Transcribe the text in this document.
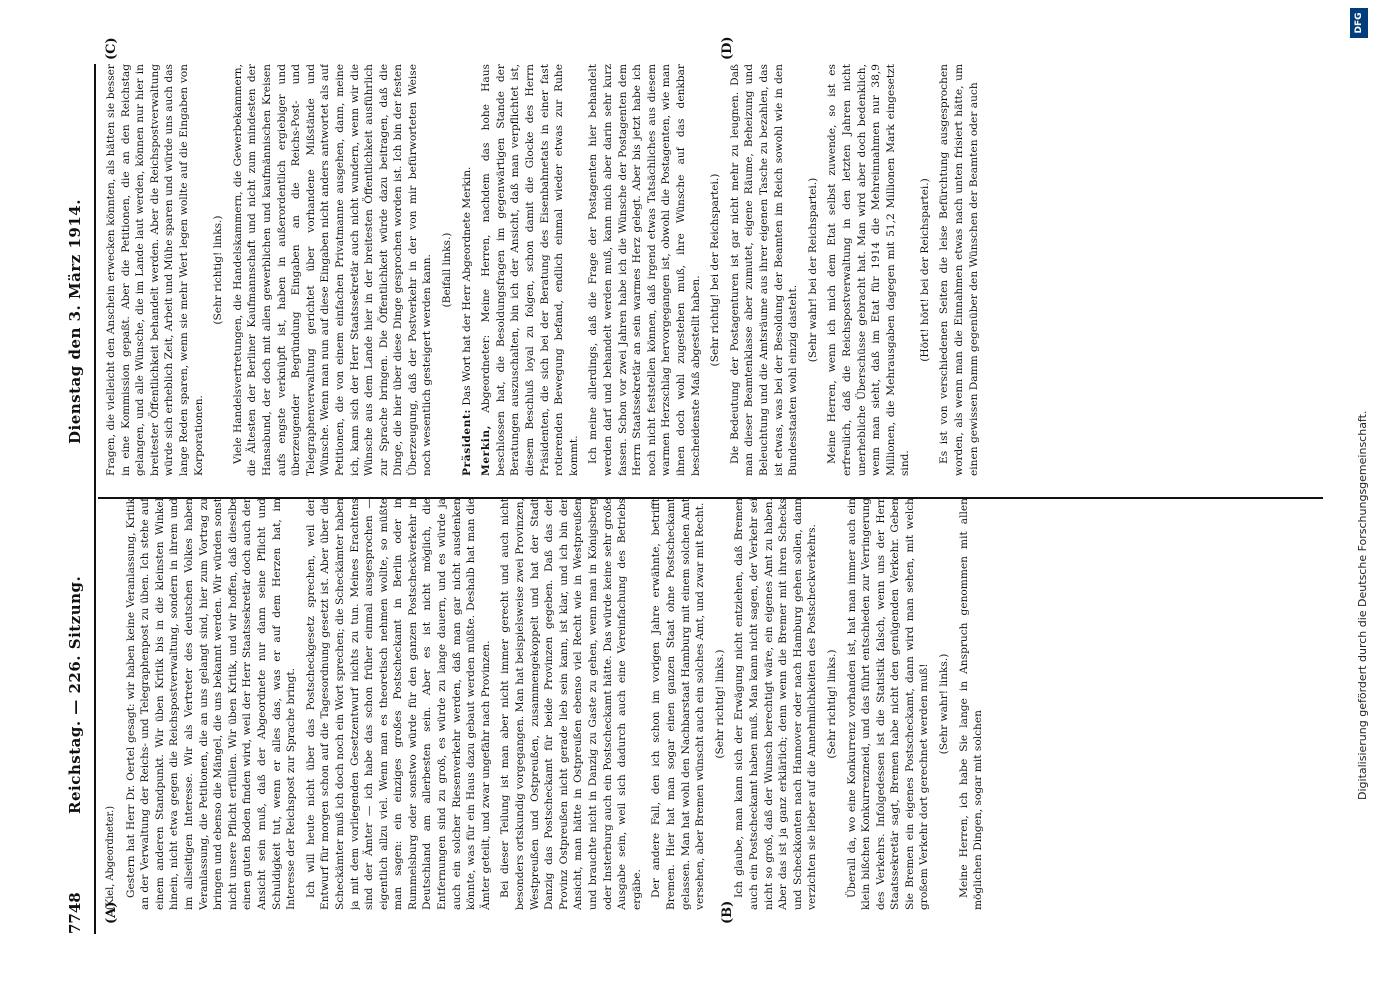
7748
Reichstag. — 226. Sitzung.
Dienstag den 3. März 1914.
(A)	(B)
(C)	(D)

(Kiel, Abgeordneter.) Gestern hat Herr Dr. Oertel gesagt: wir haben keine Veranlassung, Kritik an der Verwaltung der Reichs- und Telegraphenpost zu üben. Ich stehe auf einem anderen Standpunkt. Wir üben Kritik bis in die kleinsten Winkel hinein, nicht etwa gegen die Reichspostverwaltung, sondern in ihrem und im allseitigen Interesse. Wir als Vertreter des deutschen Volkes haben Veranlassung, die Petitionen, die an uns gelangt sind, hier zum Vortrag zu bringen und ebenso die Mängel, die uns bekannt werden. Wir würden sonst nicht unsere Pflicht erfüllen. Wir üben Kritik, und wir hoffen, daß dieselbe einen guten Boden finden wird, weil der Herr Staatssekretär doch auch der Ansicht sein muß, daß der Abgeordnete nur dann seine Pflicht und Schuldigkeit tut, wenn er alles das, was er auf dem Herzen hat, im Interesse der Reichspost zur Sprache bringt. Ich will heute nicht über das Postscheckgesetz sprechen, weil der Entwurf für morgen schon auf die Tagesordnung gesetzt ist. Aber über die Scheckämter muß ich doch noch ein Wort sprechen; die Scheckämter haben ja mit dem vorliegenden Gesetzentwurf nichts zu tun. Meines Erachtens sind der Ämter — ich habe das schon früher einmal ausgesprochen — eigentlich allzu viel. Wenn man es theoretisch nehmen wollte, so müßte man sagen: ein einziges großes Postscheckamt in Berlin oder in Rummelsburg oder sonstwo würde für den ganzen Postscheckverkehr in Deutschland am allerbesten sein. Aber es ist nicht möglich, die Entfernungen sind zu groß, es würde zu lange dauern, und es würde ja auch ein solcher Riesenverkehr werden, daß man gar nicht ausdenken könnte, was für ein Haus dazu gebaut werden müßte. Deshalb hat man die Ämter geteilt, und zwar ungefähr nach Provinzen. Bei dieser Teilung ist man aber nicht immer gerecht und auch nicht besonders ortskundig vorgegangen. Man hat beispielsweise zwei Provinzen, Westpreußen und Ostpreußen, zusammengekoppelt und hat der Stadt Danzig das Postscheckamt für beide Provinzen gegeben. Daß das der Provinz Ostpreußen nicht gerade lieb sein kann, ist klar, und ich bin der Ansicht, man hätte in Ostpreußen ebenso viel Recht wie in Westpreußen und brauchte nicht in Danzig zu Gaste zu gehen, wenn man in Königsberg oder Insterburg auch ein Postscheckamt hätte. Das würde keine sehr große Ausgabe sein, weil sich dadurch auch eine Vereinfachung des Betriebs ergäbe. Der andere Fall, den ich schon im vorigen Jahre erwähnte, betrifft Bremen. Hier hat man sogar einen ganzen Staat ohne Postscheckamt gelassen. Man hat wohl den Nachbarstaat Hamburg mit einem solchen Amt versehen, aber Bremen wünscht auch ein solches Amt, und zwar mit Recht. (Sehr richtig! links.) Ich glaube, man kann sich der Erwägung nicht entziehen, daß Bremen auch ein Postscheckamt haben muß. Man kann nicht sagen, der Verkehr sei nicht so groß, daß der Wunsch berechtigt wäre, ein eigenes Amt zu haben. Aber das ist ja ganz erklärlich; denn wenn die Bremer mit ihren Schecks und Scheckkonten nach Hannover oder nach Hamburg gehen sollen, dann verzichten sie lieber auf die Annehmlichkeiten des Postscheckverkehrs. (Sehr richtig! links.) Überall da, wo eine Konkurrenz vorhanden ist, hat man immer auch ein klein bißchen Konkurrenzneid, und das führt entschieden zur Verringerung des Verkehrs. Infolgedessen ist die Statistik falsch, wenn uns der Herr Staatssekretär sagt, Bremen habe nicht den genügenden Verkehr. Geben Sie Bremen ein eigenes Postscheckamt, dann wird man sehen, mit welch großem Verkehr dort gerechnet werden muß! (Sehr wahr! links.) Meine Herren, ich habe Sie lange in Anspruch genommen mit allen möglichen Dingen, sogar mit solchen

Fragen, die vielleicht den Anschein erwecken könnten, als hätten sie besser in eine Kommission gepaßt. Aber die Petitionen, die an den Reichstag gelangen, und alle Wünsche, die im Lande laut werden, können nur hier in breitester Öffentlichkeit behandelt werden. Aber die Reichspostverwaltung würde sich erheblich Zeit, Arbeit und Mühe sparen und würde uns auch das lange Reden sparen, wenn sie mehr Wert legen wollte auf die Eingaben von Korporationen.

(Sehr richtig! links.) Viele Handelsvertretungen, die Handelskammern, die Gewerbekammern, die Ältesten der Berliner Kaufmannschaft und nicht zum mindesten der Hansabund, der doch mit allen gewerblichen und kaufmännischen Kreisen aufs engste verknüpft ist, haben in außerordentlich ergiebiger und überzeugender Begründung Eingaben an die Reichs-Post- und Telegraphenverwaltung gerichtet über vorhandene Mißstände und Wünsche. Wenn man nun auf diese Eingaben nicht anders antwortet als auf Petitionen, die von einem einfachen Privatmanne ausgehen, dann, meine ich, kann sich der Herr Staatssekretär auch nicht wundern, wenn wir die Wünsche aus dem Lande hier in der breitesten Öffentlichkeit ausführlich zur Sprache bringen. Die Öffentlichkeit würde dazu beitragen, daß die Dinge, die hier über diese Dinge gesprochen worden ist. Ich bin der festen Überzeugung, daß der Postverkehr in der von mir befürworteten Weise noch wesentlich gesteigert werden kann. (Beifall links.)

Präsident: Das Wort hat der Herr Abgeordnete Merkin.

Merkin, Abgeordneter: Meine Herren, nachdem das hohe Haus beschlossen hat, die Besoldungsfragen im gegenwärtigen Stande der Beratungen auszuschalten, bin ich der Ansicht, daß man verpflichtet ist, diesem Beschluß loyal zu folgen, schon damit die Glocke des Herrn Präsidenten, die sich bei der Beratung des Eisenbahnetats in einer fast rotierenden Bewegung befand, endlich einmal wieder etwas zur Ruhe kommt. Ich meine allerdings, daß die Frage der Postagenten hier behandelt werden darf und behandelt werden muß, kann mich aber darin sehr kurz fassen. Schon vor zwei Jahren habe ich die Wünsche der Postagenten dem Herrn Staatssekretär an sein warmes Herz gelegt. Aber bis jetzt habe ich noch nicht feststellen können, daß irgend etwas Tatsächliches aus diesem warmen Herzschlag hervorgegangen ist, obwohl die Postagenten, wie man ihnen doch wohl zugestehen muß, ihre Wünsche auf das denkbar bescheidenste Maß abgestellt haben.

(Sehr richtig! bei der Reichspartei.) Die Bedeutung der Postagenturen ist gar nicht mehr zu leugnen. Daß man dieser Beamtenklasse aber zumutet, eigene Räume, Beheizung und Beleuchtung und die Amtsräume aus ihrer eigenen Tasche zu bezahlen, das ist etwas, was bei der Besoldung der Beamten im Reich sowohl wie in den Bundesstaaten wohl einzig dasteht.

(Sehr wahr! bei der Reichspartei.) Meine Herren, wenn ich mich dem Etat selbst zuwende, so ist es erfreulich, daß die Reichspostverwaltung in den letzten Jahren nicht unerhebliche Überschüsse gebracht hat. Man wird aber doch bedenklich, wenn man sieht, daß im Etat für 1914 die Mehreinnahmen nur 38,9 Millionen, die Mehrausgaben dagegen mit 51,2 Millionen Mark eingesetzt sind.

(Hört! hört! bei der Reichspartei.) Es ist von verschiedenen Seiten die leise Befürchtung ausgesprochen worden, als wenn man die Einnahmen etwas nach unten frisiert hätte, um einen gewissen Damm gegenüber den Wünschen der Beamten oder auch

Digitalisierung gefördert durch die Deutsche Forschungsgemeinschaft.
DFG
